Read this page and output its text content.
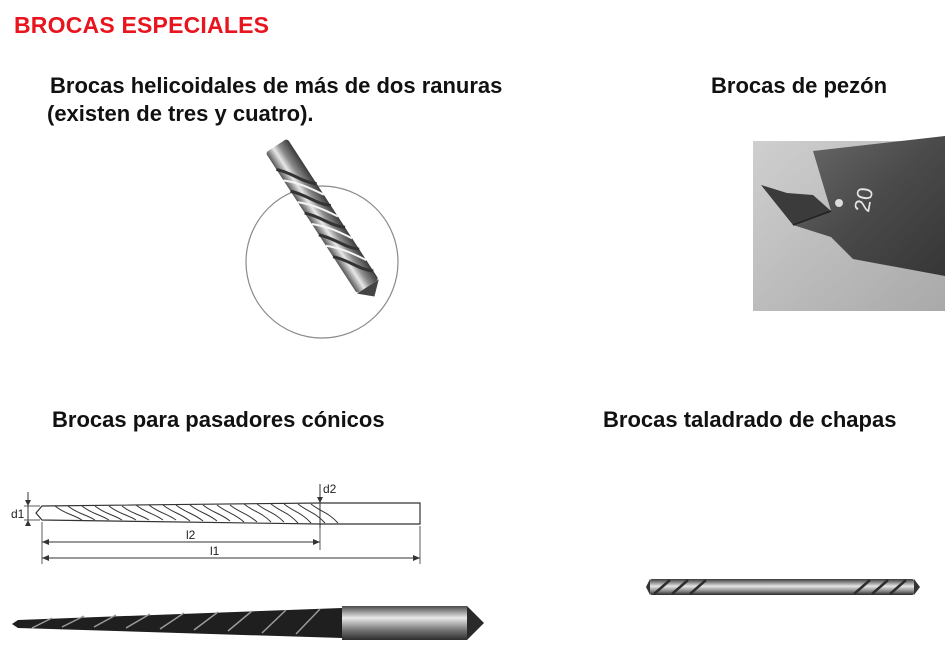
BROCAS ESPECIALES
Brocas helicoidales de más de dos ranuras
(existen de tres y cuatro).
Brocas de pezón
20
Brocas para pasadores cónicos
d1
d2
l2
l1
Brocas taladrado de chapas
